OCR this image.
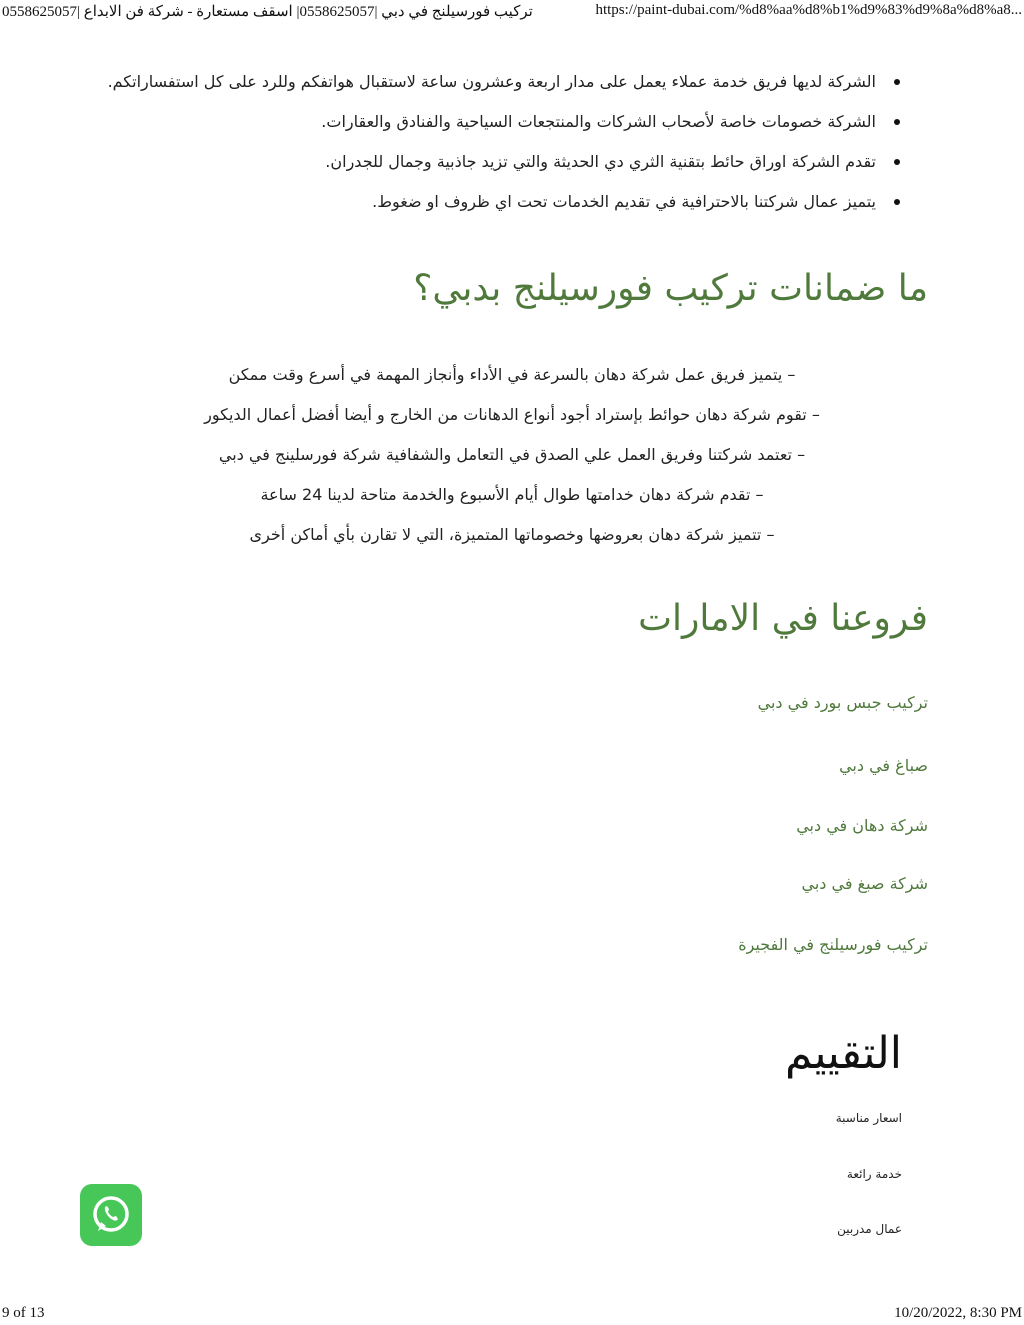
تركيب فورسيلنج في دبي |0558625057| اسقف مستعارة - شركة فن الابداع |0558625057	https://paint-dubai.com/%d8%aa%d8%b1%d9%83%d9%8a%d8%a8...
الشركة لديها فريق خدمة عملاء يعمل على مدار اربعة وعشرون ساعة لاستقبال هواتفكم وللرد على كل استفساراتكم.
الشركة خصومات خاصة لأصحاب الشركات والمنتجعات السياحية والفنادق والعقارات.
تقدم الشركة اوراق حائط بتقنية الثري دي الحديثة والتي تزيد جاذبية وجمال للجدران.
يتميز عمال شركتنا بالاحترافية في تقديم الخدمات تحت اي ظروف او ضغوط.
ما ضمانات تركيب فورسيلنج بدبي؟
– يتميز فريق عمل شركة دهان بالسرعة في الأداء وأنجاز المهمة في أسرع وقت ممكن
– تقوم شركة دهان حوائط بإستراد أجود أنواع الدهانات من الخارج و أيضا أفضل أعمال الديكور
– تعتمد شركتنا وفريق العمل علي الصدق في التعامل والشفافية شركة فورسلينج في دبي
– تقدم شركة دهان خدامتها طوال أيام الأسبوع والخدمة متاحة لدينا 24 ساعة
– تتميز شركة دهان بعروضها وخصوماتها المتميزة، التي لا تقارن بأي أماكن أخرى
فروعنا في الامارات
تركيب جبس بورد في دبي
صباغ في دبي
شركة دهان في دبي
شركة صبغ في دبي
تركيب فورسيلنج في الفجيرة
التقييم
اسعار مناسبة
خدمة رائعة
عمال مدربين
9 of 13	10/20/2022, 8:30 PM
